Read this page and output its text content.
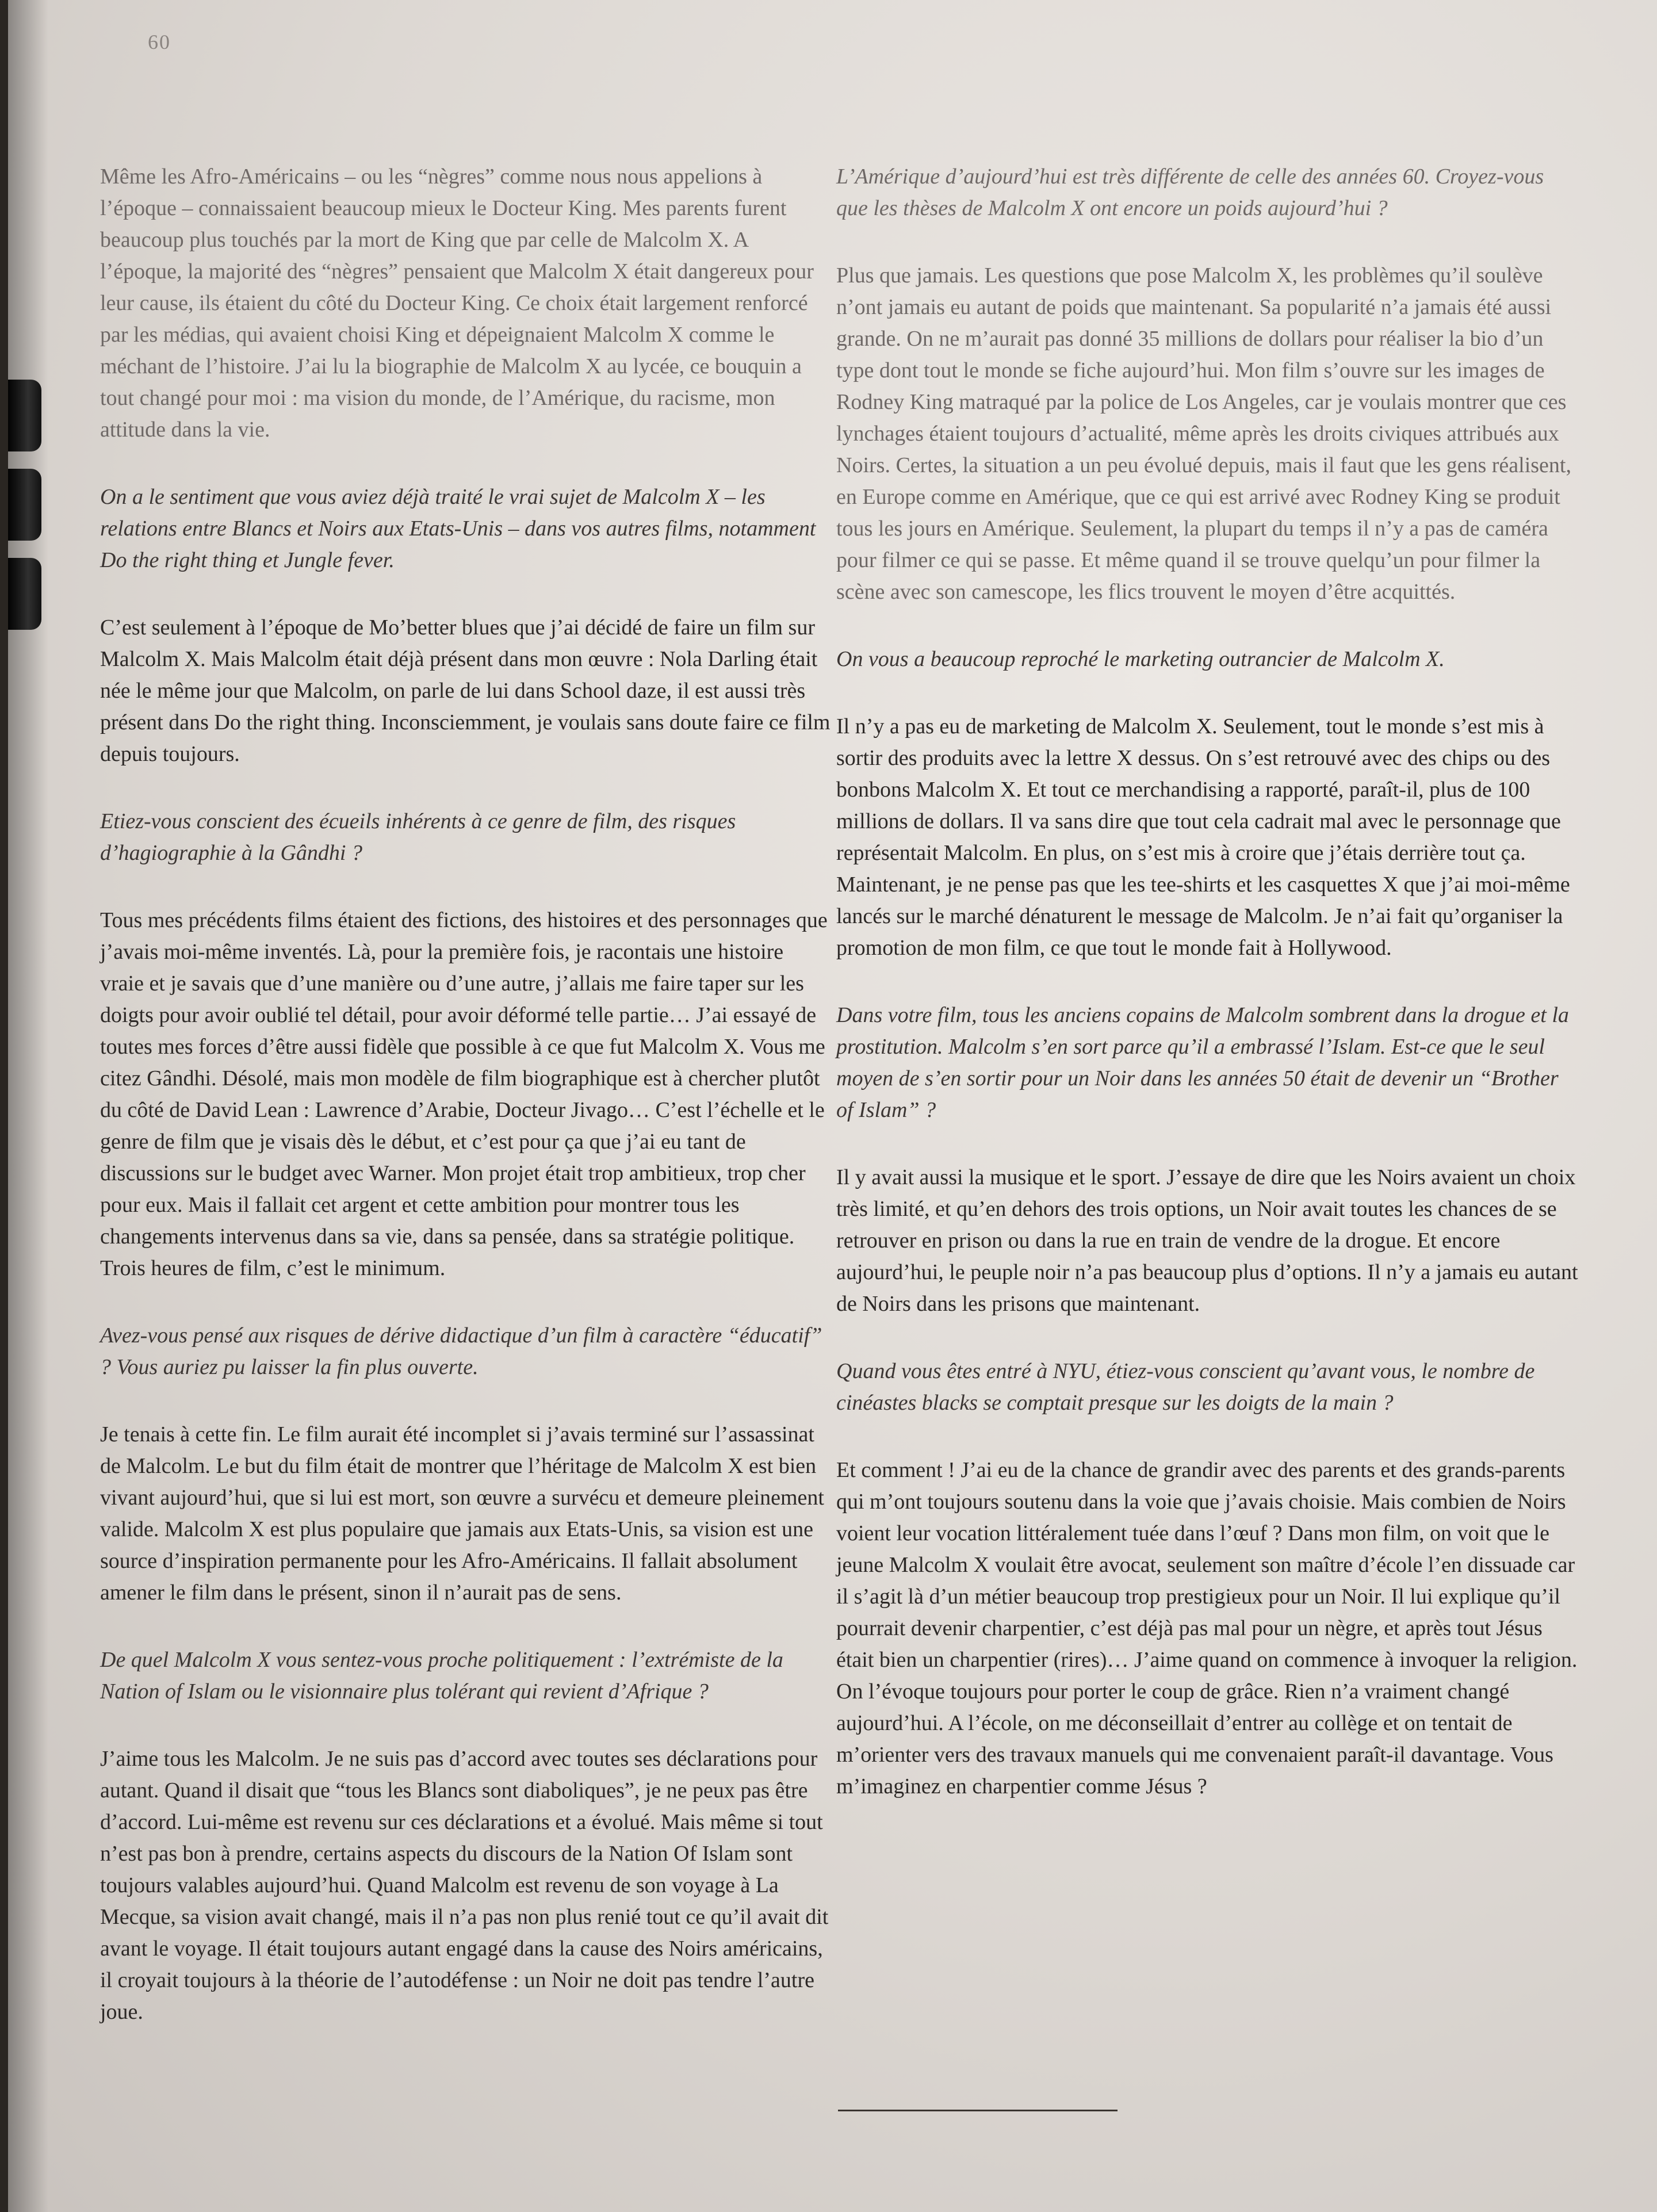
60

Même les Afro-Américains – ou les “nègres” comme nous nous appelions à l’époque – connaissaient beaucoup mieux le Docteur King. Mes parents furent beaucoup plus touchés par la mort de King que par celle de Malcolm X. A l’époque, la majorité des “nègres” pensaient que Malcolm X était dangereux pour leur cause, ils étaient du côté du Docteur King. Ce choix était largement renforcé par les médias, qui avaient choisi King et dépeignaient Malcolm X comme le méchant de l’histoire. J’ai lu la biographie de Malcolm X au lycée, ce bouquin a tout changé pour moi : ma vision du monde, de l’Amérique, du racisme, mon attitude dans la vie.

On a le sentiment que vous aviez déjà traité le vrai sujet de Malcolm X – les relations entre Blancs et Noirs aux Etats-Unis – dans vos autres films, notamment Do the right thing et Jungle fever.

C’est seulement à l’époque de Mo’better blues que j’ai décidé de faire un film sur Malcolm X. Mais Malcolm était déjà présent dans mon œuvre : Nola Darling était née le même jour que Malcolm, on parle de lui dans School daze, il est aussi très présent dans Do the right thing. Inconsciemment, je voulais sans doute faire ce film depuis toujours.

Etiez-vous conscient des écueils inhérents à ce genre de film, des risques d’hagiographie à la Gândhi ?

Tous mes précédents films étaient des fictions, des histoires et des personnages que j’avais moi-même inventés. Là, pour la première fois, je racontais une histoire vraie et je savais que d’une manière ou d’une autre, j’allais me faire taper sur les doigts pour avoir oublié tel détail, pour avoir déformé telle partie… J’ai essayé de toutes mes forces d’être aussi fidèle que possible à ce que fut Malcolm X. Vous me citez Gândhi. Désolé, mais mon modèle de film biographique est à chercher plutôt du côté de David Lean : Lawrence d’Arabie, Docteur Jivago… C’est l’échelle et le genre de film que je visais dès le début, et c’est pour ça que j’ai eu tant de discussions sur le budget avec Warner. Mon projet était trop ambitieux, trop cher pour eux. Mais il fallait cet argent et cette ambition pour montrer tous les changements intervenus dans sa vie, dans sa pensée, dans sa stratégie politique. Trois heures de film, c’est le minimum.

Avez-vous pensé aux risques de dérive didactique d’un film à caractère “éducatif” ? Vous auriez pu laisser la fin plus ouverte.

Je tenais à cette fin. Le film aurait été incomplet si j’avais terminé sur l’assassinat de Malcolm. Le but du film était de montrer que l’héritage de Malcolm X est bien vivant aujourd’hui, que si lui est mort, son œuvre a survécu et demeure pleinement valide. Malcolm X est plus populaire que jamais aux Etats-Unis, sa vision est une source d’inspiration permanente pour les Afro-Américains. Il fallait absolument amener le film dans le présent, sinon il n’aurait pas de sens.

De quel Malcolm X vous sentez-vous proche politiquement : l’extrémiste de la Nation of Islam ou le visionnaire plus tolérant qui revient d’Afrique ?

J’aime tous les Malcolm. Je ne suis pas d’accord avec toutes ses déclarations pour autant. Quand il disait que “tous les Blancs sont diaboliques”, je ne peux pas être d’accord. Lui-même est revenu sur ces déclarations et a évolué. Mais même si tout n’est pas bon à prendre, certains aspects du discours de la Nation Of Islam sont toujours valables aujourd’hui. Quand Malcolm est revenu de son voyage à La Mecque, sa vision avait changé, mais il n’a pas non plus renié tout ce qu’il avait dit avant le voyage. Il était toujours autant engagé dans la cause des Noirs américains, il croyait toujours à la théorie de l’autodéfense : un Noir ne doit pas tendre l’autre joue.

L’Amérique d’aujourd’hui est très différente de celle des années 60. Croyez-vous que les thèses de Malcolm X ont encore un poids aujourd’hui ?

Plus que jamais. Les questions que pose Malcolm X, les problèmes qu’il soulève n’ont jamais eu autant de poids que maintenant. Sa popularité n’a jamais été aussi grande. On ne m’aurait pas donné 35 millions de dollars pour réaliser la bio d’un type dont tout le monde se fiche aujourd’hui. Mon film s’ouvre sur les images de Rodney King matraqué par la police de Los Angeles, car je voulais montrer que ces lynchages étaient toujours d’actualité, même après les droits civiques attribués aux Noirs. Certes, la situation a un peu évolué depuis, mais il faut que les gens réalisent, en Europe comme en Amérique, que ce qui est arrivé avec Rodney King se produit tous les jours en Amérique. Seulement, la plupart du temps il n’y a pas de caméra pour filmer ce qui se passe. Et même quand il se trouve quelqu’un pour filmer la scène avec son camescope, les flics trouvent le moyen d’être acquittés.

On vous a beaucoup reproché le marketing outrancier de Malcolm X.

Il n’y a pas eu de marketing de Malcolm X. Seulement, tout le monde s’est mis à sortir des produits avec la lettre X dessus. On s’est retrouvé avec des chips ou des bonbons Malcolm X. Et tout ce merchandising a rapporté, paraît-il, plus de 100 millions de dollars. Il va sans dire que tout cela cadrait mal avec le personnage que représentait Malcolm. En plus, on s’est mis à croire que j’étais derrière tout ça. Maintenant, je ne pense pas que les tee-shirts et les casquettes X que j’ai moi-même lancés sur le marché dénaturent le message de Malcolm. Je n’ai fait qu’organiser la promotion de mon film, ce que tout le monde fait à Hollywood.

Dans votre film, tous les anciens copains de Malcolm sombrent dans la drogue et la prostitution. Malcolm s’en sort parce qu’il a embrassé l’Islam. Est-ce que le seul moyen de s’en sortir pour un Noir dans les années 50 était de devenir un “Brother of Islam” ?

Il y avait aussi la musique et le sport. J’essaye de dire que les Noirs avaient un choix très limité, et qu’en dehors des trois options, un Noir avait toutes les chances de se retrouver en prison ou dans la rue en train de vendre de la drogue. Et encore aujourd’hui, le peuple noir n’a pas beaucoup plus d’options. Il n’y a jamais eu autant de Noirs dans les prisons que maintenant.

Quand vous êtes entré à NYU, étiez-vous conscient qu’avant vous, le nombre de cinéastes blacks se comptait presque sur les doigts de la main ?

Et comment ! J’ai eu de la chance de grandir avec des parents et des grands-parents qui m’ont toujours soutenu dans la voie que j’avais choisie. Mais combien de Noirs voient leur vocation littéralement tuée dans l’œuf ? Dans mon film, on voit que le jeune Malcolm X voulait être avocat, seulement son maître d’école l’en dissuade car il s’agit là d’un métier beaucoup trop prestigieux pour un Noir. Il lui explique qu’il pourrait devenir charpentier, c’est déjà pas mal pour un nègre, et après tout Jésus était bien un charpentier (rires)… J’aime quand on commence à invoquer la religion. On l’évoque toujours pour porter le coup de grâce. Rien n’a vraiment changé aujourd’hui. A l’école, on me déconseillait d’entrer au collège et on tentait de m’orienter vers des travaux manuels qui me convenaient paraît-il davantage. Vous m’imaginez en charpentier comme Jésus ?
